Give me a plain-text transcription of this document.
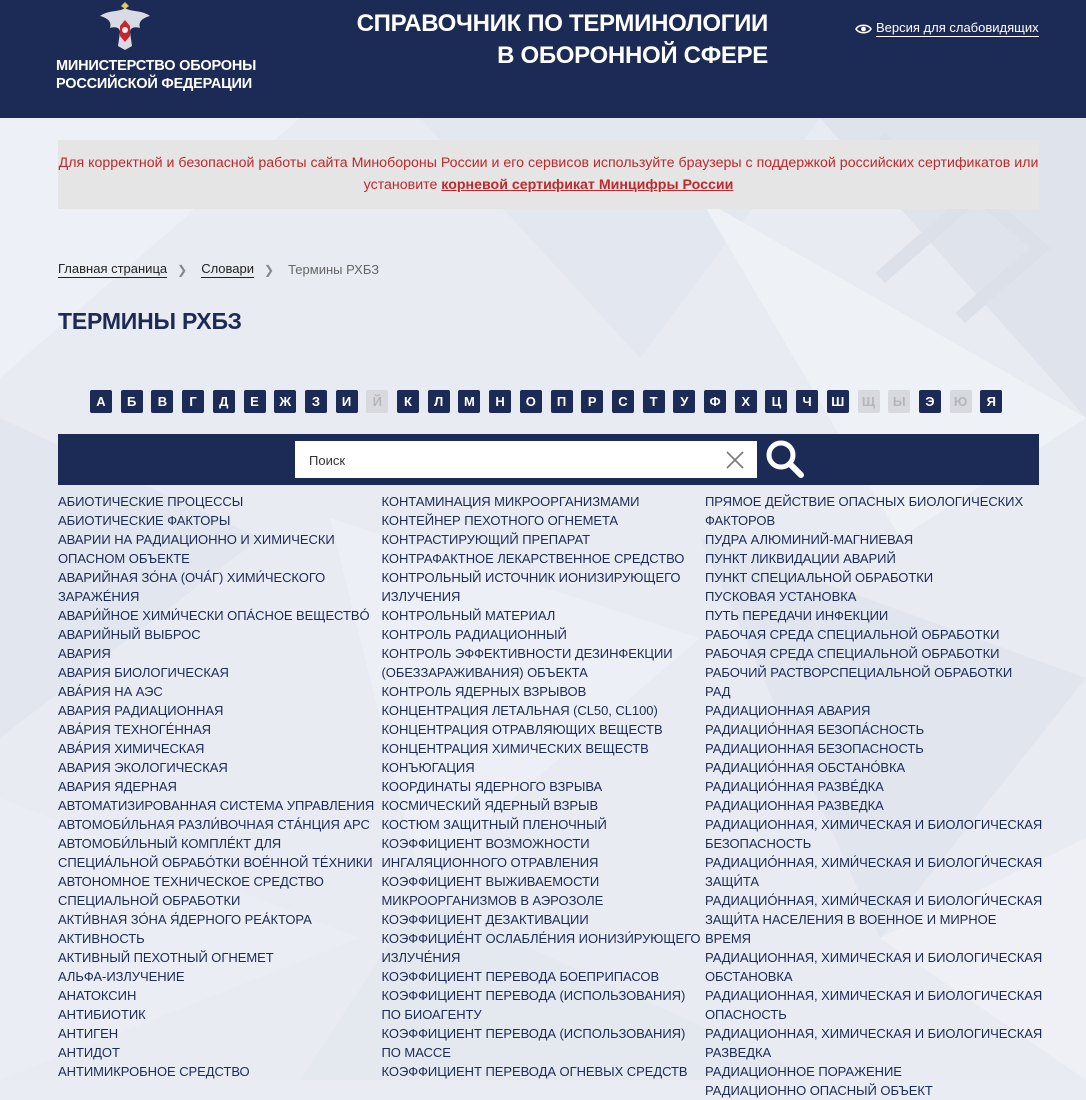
МИНИСТЕРСТВО ОБОРОНЫ
РОССИЙСКОЙ ФЕДЕРАЦИИ
СПРАВОЧНИК ПО ТЕРМИНОЛОГИИ
В ОБОРОННОЙ СФЕРЕ
Версия для слабовидящих
Для корректной и безопасной работы сайта Минобороны России и его сервисов используйте браузеры с поддержкой российских сертификатов или установите корневой сертификат Минцифры России
Главная страница ❯ Словари ❯ Термины РХБЗ
ТЕРМИНЫ РХБЗ
А	Б	В	Г	Д	Е	Ж	З	И	Й	К	Л	М	Н	О	П	Р	С	Т	У	Ф	Х	Ц	Ч	Ш	Щ	Ы	Э	Ю	Я
Поиск
АБИОТИЧЕСКИЕ ПРОЦЕССЫ
АБИОТИЧЕСКИЕ ФАКТОРЫ
АВАРИИ НА РАДИАЦИОННО И ХИМИЧЕСКИ ОПАСНОМ ОБЪЕКТЕ
АВАРИЙНАЯ ЗО́НА (ОЧА́Г) ХИМИ́ЧЕСКОГО ЗАРАЖÉНИЯ
АВАРИ́ЙНОЕ ХИМИ́ЧЕСКИ ОПÁСНОЕ ВЕЩЕСТВÓ
АВАРИЙНЫЙ ВЫБРОС
АВАРИЯ
АВАРИЯ БИОЛОГИЧЕСКАЯ
АВА́РИЯ НА АЭС
АВАРИЯ РАДИАЦИОННАЯ
АВА́РИЯ ТЕХНОГЕ́ННАЯ
АВА́РИЯ ХИМИЧЕСКАЯ
АВАРИЯ ЭКОЛОГИЧЕСКАЯ
АВАРИЯ ЯДЕРНАЯ
АВТОМАТИЗИРОВАННАЯ СИСТЕМА УПРАВЛЕНИЯ
АВТОМОБИ́ЛЬНАЯ РАЗЛИ́ВОЧНАЯ СТА́НЦИЯ АРС
АВТОМОБИ́ЛЬНЫЙ КОМПЛЕ́КТ ДЛЯ СПЕЦИА́ЛЬНОЙ ОБРАБО́ТКИ ВОЕ́ННОЙ ТЕ́ХНИКИ
АВТОНОМНОЕ ТЕХНИЧЕСКОЕ СРЕДСТВО СПЕЦИАЛЬНОЙ ОБРАБОТКИ
АКТИ́ВНАЯ ЗО́НА Я́ДЕРНОГО РЕА́КТОРА
АКТИВНОСТЬ
АКТИВНЫЙ ПЕХОТНЫЙ ОГНЕМЕТ
АЛЬФА-ИЗЛУЧЕНИЕ
АНАТОКСИН
АНТИБИОТИК
АНТИГЕН
АНТИДОТ
АНТИМИКРОБНОЕ СРЕДСТВО
КОНТАМИНАЦИЯ МИКРООРГАНИЗМАМИ
КОНТЕЙНЕР ПЕХОТНОГО ОГНЕМЕТА
КОНТРАСТИРУЮЩИЙ ПРЕПАРАТ
КОНТРАФАКТНОЕ ЛЕКАРСТВЕННОЕ СРЕДСТВО
КОНТРОЛЬНЫЙ ИСТОЧНИК ИОНИЗИРУЮЩЕГО ИЗЛУЧЕНИЯ
КОНТРОЛЬНЫЙ МАТЕРИАЛ
КОНТРОЛЬ РАДИАЦИОННЫЙ
КОНТРОЛЬ ЭФФЕКТИВНОСТИ ДЕЗИНФЕКЦИИ (ОБЕЗЗАРАЖИВАНИЯ) ОБЪЕКТА
КОНТРОЛЬ ЯДЕРНЫХ ВЗРЫВОВ
КОНЦЕНТРАЦИЯ ЛЕТАЛЬНАЯ (CL50, CL100)
КОНЦЕНТРАЦИЯ ОТРАВЛЯЮЩИХ ВЕЩЕСТВ
КОНЦЕНТРАЦИЯ ХИМИЧЕСКИХ ВЕЩЕСТВ
КОНЪЮГАЦИЯ
КООРДИНАТЫ ЯДЕРНОГО ВЗРЫВА
КОСМИЧЕСКИЙ ЯДЕРНЫЙ ВЗРЫВ
КОСТЮМ ЗАЩИТНЫЙ ПЛЕНОЧНЫЙ
КОЭФФИЦИЕНТ ВОЗМОЖНОСТИ ИНГАЛЯЦИОННОГО ОТРАВЛЕНИЯ
КОЭФФИЦИЕНТ ВЫЖИВАЕМОСТИ МИКРООРГАНИЗМОВ В АЭРОЗОЛЕ
КОЭФФИЦИЕНТ ДЕЗАКТИВАЦИИ
КОЭФФИЦИЕ́НТ ОСЛАБЛЕ́НИЯ ИОНИЗИ́РУЮЩЕГО ИЗЛУЧЕ́НИЯ
КОЭФФИЦИЕНТ ПЕРЕВОДА БОЕПРИПАСОВ
КОЭФФИЦИЕНТ ПЕРЕВОДА (ИСПОЛЬЗОВАНИЯ) ПО БИОАГЕНТУ
КОЭФФИЦИЕНТ ПЕРЕВОДА (ИСПОЛЬЗОВАНИЯ) ПО МАССЕ
КОЭФФИЦИЕНТ ПЕРЕВОДА ОГНЕВЫХ СРЕДСТВ
ПРЯМОЕ ДЕЙСТВИЕ ОПАСНЫХ БИОЛОГИЧЕСКИХ ФАКТОРОВ
ПУДРА АЛЮМИНИЙ-МАГНИЕВАЯ
ПУНКТ ЛИКВИДАЦИИ АВАРИЙ
ПУНКТ СПЕЦИАЛЬНОЙ ОБРАБОТКИ
ПУСКОВАЯ УСТАНОВКА
ПУТЬ ПЕРЕДАЧИ ИНФЕКЦИИ
РАБОЧАЯ СРЕДА СПЕЦИАЛЬНОЙ ОБРАБОТКИ
РАБОЧАЯ СРЕДА СПЕЦИАЛЬНОЙ ОБРАБОТКИ
РАБОЧИЙ РАСТВОРСПЕЦИАЛЬНОЙ ОБРАБОТКИ
РАД
РАДИАЦИОННАЯ АВАРИЯ
РАДИАЦИО́ННАЯ БЕЗОПА́СНОСТЬ
РАДИАЦИОННАЯ БЕЗОПАСНОСТЬ
РАДИАЦИО́ННАЯ ОБСТАНО́ВКА
РАДИАЦИО́ННАЯ РАЗВЕ́ДКА
РАДИАЦИОННАЯ РАЗВЕДКА
РАДИАЦИОННАЯ, ХИМИЧЕСКАЯ И БИОЛОГИЧЕСКАЯ БЕЗОПАСНОСТЬ
РАДИАЦИО́ННАЯ, ХИМИ́ЧЕСКАЯ И БИОЛОГИ́ЧЕСКАЯ ЗАЩИ́ТА
РАДИАЦИО́ННАЯ, ХИМИ́ЧЕСКАЯ И БИОЛОГИ́ЧЕСКАЯ ЗАЩИ́ТА НАСЕЛЕНИЯ В ВОЕННОЕ И МИРНОЕ ВРЕМЯ
РАДИАЦИОННАЯ, ХИМИЧЕСКАЯ И БИОЛОГИЧЕСКАЯ ОБСТАНОВКА
РАДИАЦИОННАЯ, ХИМИЧЕСКАЯ И БИОЛОГИЧЕСКАЯ ОПАСНОСТЬ
РАДИАЦИОННАЯ, ХИМИЧЕСКАЯ И БИОЛОГИЧЕСКАЯ РАЗВЕДКА
РАДИАЦИОННОЕ ПОРАЖЕНИЕ
РАДИАЦИОННО ОПАСНЫЙ ОБЪЕКТ
